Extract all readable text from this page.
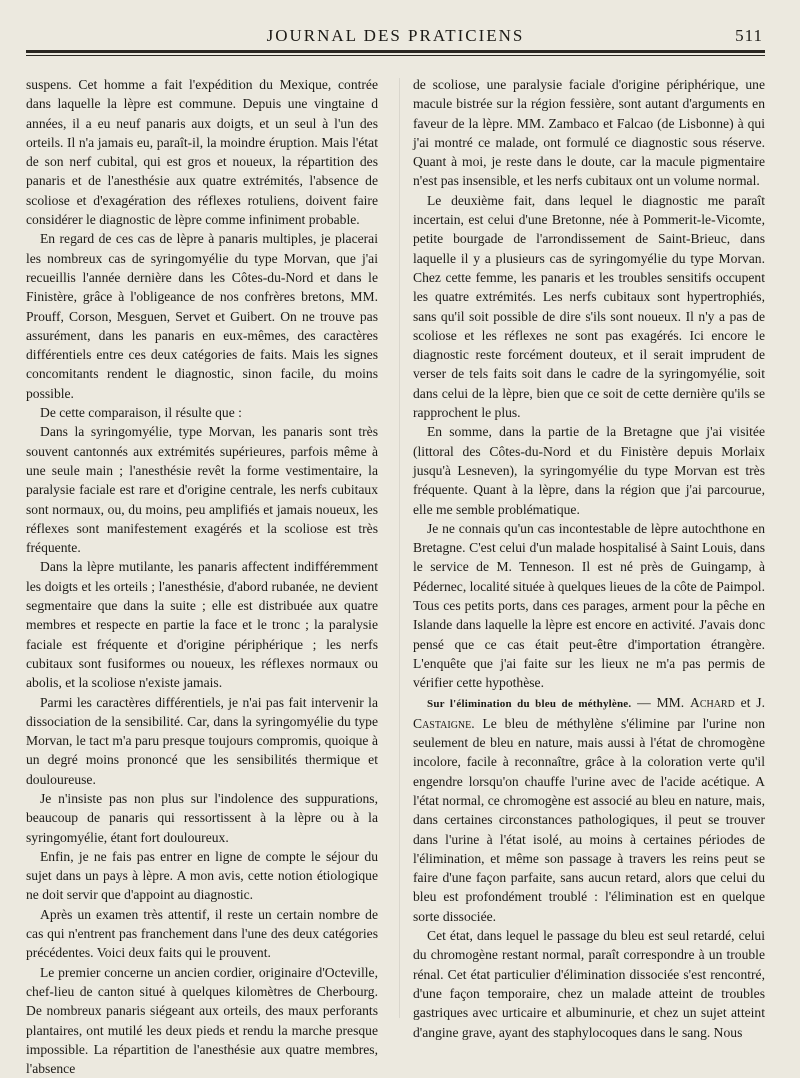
JOURNAL DES PRATICIENS	511

suspens. Cet homme a fait l'expédition du Mexique, contrée dans laquelle la lèpre est commune. Depuis une vingtaine d années, il a eu neuf panaris aux doigts, et un seul à l'un des orteils. Il n'a jamais eu, paraît-il, la moindre éruption. Mais l'état de son nerf cubital, qui est gros et noueux, la répartition des panaris et de l'anesthésie aux quatre extrémités, l'absence de scoliose et d'exagération des réflexes rotuliens, doivent faire considérer le diagnostic de lèpre comme infiniment probable.

En regard de ces cas de lèpre à panaris multiples, je placerai les nombreux cas de syringomyélie du type Morvan, que j'ai recueillis l'année dernière dans les Côtes-du-Nord et dans le Finistère, grâce à l'obligeance de nos confrères bretons, MM. Prouff, Corson, Mesguen, Servet et Guibert. On ne trouve pas assurément, dans les panaris en eux-mêmes, des caractères différentiels entre ces deux catégories de faits. Mais les signes concomitants rendent le diagnostic, sinon facile, du moins possible.

De cette comparaison, il résulte que :

Dans la syringomyélie, type Morvan, les panaris sont très souvent cantonnés aux extrémités supérieures, parfois même à une seule main ; l'anesthésie revêt la forme vestimentaire, la paralysie faciale est rare et d'origine centrale, les nerfs cubitaux sont normaux, ou, du moins, peu amplifiés et jamais noueux, les réflexes sont manifestement exagérés et la scoliose est très fréquente.

Dans la lèpre mutilante, les panaris affectent indifféremment les doigts et les orteils ; l'anesthésie, d'abord rubanée, ne devient segmentaire que dans la suite ; elle est distribuée aux quatre membres et respecte en partie la face et le tronc ; la paralysie faciale est fréquente et d'origine périphérique ; les nerfs cubitaux sont fusiformes ou noueux, les réflexes normaux ou abolis, et la scoliose n'existe jamais.

Parmi les caractères différentiels, je n'ai pas fait intervenir la dissociation de la sensibilité. Car, dans la syringomyélie du type Morvan, le tact m'a paru presque toujours compromis, quoique à un degré moins prononcé que les sensibilités thermique et douloureuse.

Je n'insiste pas non plus sur l'indolence des suppurations, beaucoup de panaris qui ressortissent à la lèpre ou à la syringomyélie, étant fort douloureux.

Enfin, je ne fais pas entrer en ligne de compte le séjour du sujet dans un pays à lèpre. A mon avis, cette notion étiologique ne doit servir que d'appoint au diagnostic.

Après un examen très attentif, il reste un certain nombre de cas qui n'entrent pas franchement dans l'une des deux catégories précédentes. Voici deux faits qui le prouvent.

Le premier concerne un ancien cordier, originaire d'Octeville, chef-lieu de canton situé à quelques kilomètres de Cherbourg. De nombreux panaris siégeant aux orteils, des maux perforants plantaires, ont mutilé les deux pieds et rendu la marche presque impossible. La répartition de l'anesthésie aux quatre membres, l'absence

de scoliose, une paralysie faciale d'origine périphérique, une macule bistrée sur la région fessière, sont autant d'arguments en faveur de la lèpre. MM. Zambaco et Falcao (de Lisbonne) à qui j'ai montré ce malade, ont formulé ce diagnostic sous réserve. Quant à moi, je reste dans le doute, car la macule pigmentaire n'est pas insensible, et les nerfs cubitaux ont un volume normal.

Le deuxième fait, dans lequel le diagnostic me paraît incertain, est celui d'une Bretonne, née à Pommerit-le-Vicomte, petite bourgade de l'arrondissement de Saint-Brieuc, dans laquelle il y a plusieurs cas de syringomyélie du type Morvan. Chez cette femme, les panaris et les troubles sensitifs occupent les quatre extrémités. Les nerfs cubitaux sont hypertrophiés, sans qu'il soit possible de dire s'ils sont noueux. Il n'y a pas de scoliose et les réflexes ne sont pas exagérés. Ici encore le diagnostic reste forcément douteux, et il serait imprudent de verser de tels faits soit dans le cadre de la syringomyélie, soit dans celui de la lèpre, bien que ce soit de cette dernière qu'ils se rapprochent le plus.

En somme, dans la partie de la Bretagne que j'ai visitée (littoral des Côtes-du-Nord et du Finistère depuis Morlaix jusqu'à Lesneven), la syringomyélie du type Morvan est très fréquente. Quant à la lèpre, dans la région que j'ai parcourue, elle me semble problématique.

Je ne connais qu'un cas incontestable de lèpre autochthone en Bretagne. C'est celui d'un malade hospitalisé à Saint Louis, dans le service de M. Tenneson. Il est né près de Guingamp, à Pédernec, localité située à quelques lieues de la côte de Paimpol. Tous ces petits ports, dans ces parages, arment pour la pêche en Islande dans laquelle la lèpre est encore en activité. J'avais donc pensé que ce cas était peut-être d'importation étrangère. L'enquête que j'ai faite sur les lieux ne m'a pas permis de vérifier cette hypothèse.

Sur l'élimination du bleu de méthylène. — MM. Achard et J. Castaigne. Le bleu de méthylène s'élimine par l'urine non seulement de bleu en nature, mais aussi à l'état de chromogène incolore, facile à reconnaître, grâce à la coloration verte qu'il engendre lorsqu'on chauffe l'urine avec de l'acide acétique. A l'état normal, ce chromogène est associé au bleu en nature, mais, dans certaines circonstances pathologiques, il peut se trouver dans l'urine à l'état isolé, au moins à certaines périodes de l'élimination, et même son passage à travers les reins peut se faire d'une façon parfaite, sans aucun retard, alors que celui du bleu est profondément troublé : l'élimination est en quelque sorte dissociée.

Cet état, dans lequel le passage du bleu est seul retardé, celui du chromogène restant normal, paraît correspondre à un trouble rénal. Cet état particulier d'élimination dissociée s'est rencontré, d'une façon temporaire, chez un malade atteint de troubles gastriques avec urticaire et albuminurie, et chez un sujet atteint d'angine grave, ayant des staphylocoques dans le sang. Nous
